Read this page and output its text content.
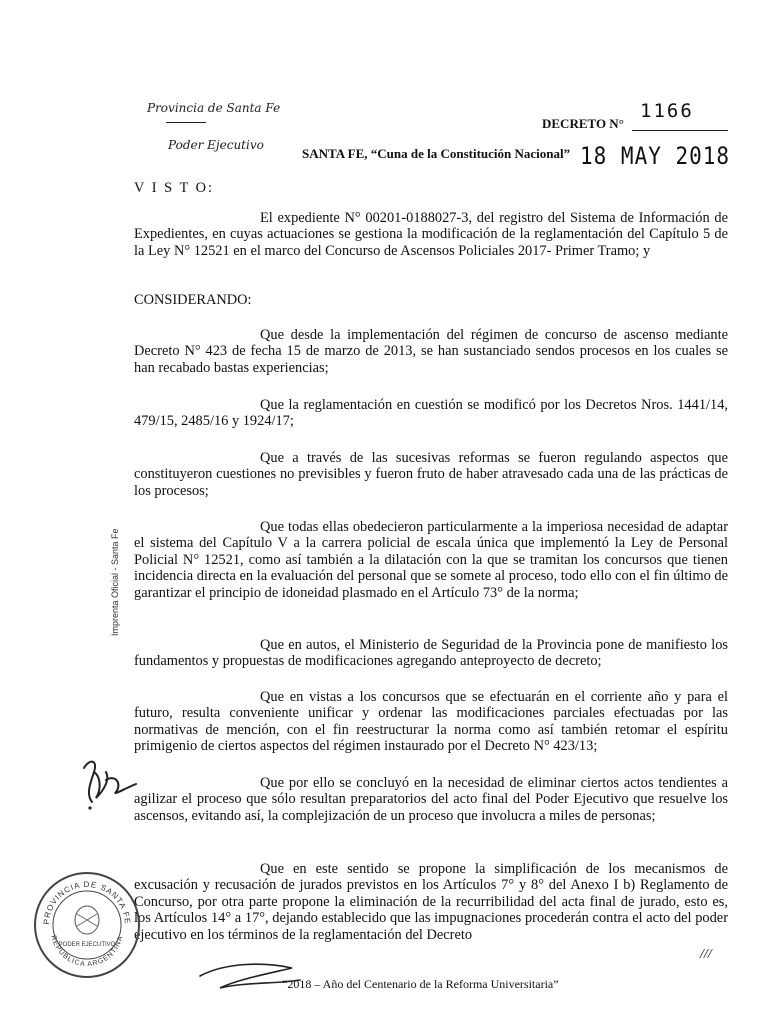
Provincia de Santa Fe
Poder Ejecutivo
DECRETO N°
1166
SANTA FE, “Cuna de la Constitución Nacional” 18 MAY 2018
Imprenta Oficial - Santa Fe
V I S T O:
El expediente N° 00201-0188027-3, del registro del Sistema de Información de Expedientes, en cuyas actuaciones se gestiona la modificación de la reglamentación del Capítulo 5 de la Ley N° 12521 en el marco del Concurso de Ascensos Policiales 2017- Primer Tramo; y
CONSIDERANDO:
Que desde la implementación del régimen de concurso de ascenso mediante Decreto N° 423 de fecha 15 de marzo de 2013, se han sustanciado sendos procesos en los cuales se han recabado bastas experiencias;
Que la reglamentación en cuestión se modificó por los Decretos Nros. 1441/14, 479/15, 2485/16 y 1924/17;
Que a través de las sucesivas reformas se fueron regulando aspectos que constituyeron cuestiones no previsibles y fueron fruto de haber atravesado cada una de las prácticas de los procesos;
Que todas ellas obedecieron particularmente a la imperiosa necesidad de adaptar el sistema del Capítulo V a la carrera policial de escala única que implementó la Ley de Personal Policial N° 12521, como así también a la dilatación con la que se tramitan los concursos que tienen incidencia directa en la evaluación del personal que se somete al proceso, todo ello con el fin último de garantizar el principio de idoneidad plasmado en el Artículo 73° de la norma;
Que en autos, el Ministerio de Seguridad de la Provincia pone de manifiesto los fundamentos y propuestas de modificaciones agregando anteproyecto de decreto;
Que en vistas a los concursos que se efectuarán en el corriente año y para el futuro, resulta conveniente unificar y ordenar las modificaciones parciales efectuadas por las normativas de mención, con el fin reestructurar la norma como así también retomar el espíritu primigenio de ciertos aspectos del régimen instaurado por el Decreto N° 423/13;
Que por ello se concluyó en la necesidad de eliminar ciertos actos tendientes a agilizar el proceso que sólo resultan preparatorios del acto final del Poder Ejecutivo que resuelve los ascensos, evitando así, la complejización de un proceso que involucra a miles de personas;
Que en este sentido se propone la simplificación de los mecanismos de excusación y recusación de jurados previstos en los Artículos 7° y 8° del Anexo I b) Reglamento de Concurso, por otra parte propone la eliminación de la recurribilidad del acta final de jurado, esto es, los Artículos 14° a 17°, dejando establecido que las impugnaciones procederán contra el acto del poder ejecutivo en los términos de la reglamentación del Decreto
///
PROVINCIA DE SANTA FE
REPÚBLICA ARGENTINA
PODER EJECUTIVO
“2018 – Año del Centenario de la Reforma Universitaria”
